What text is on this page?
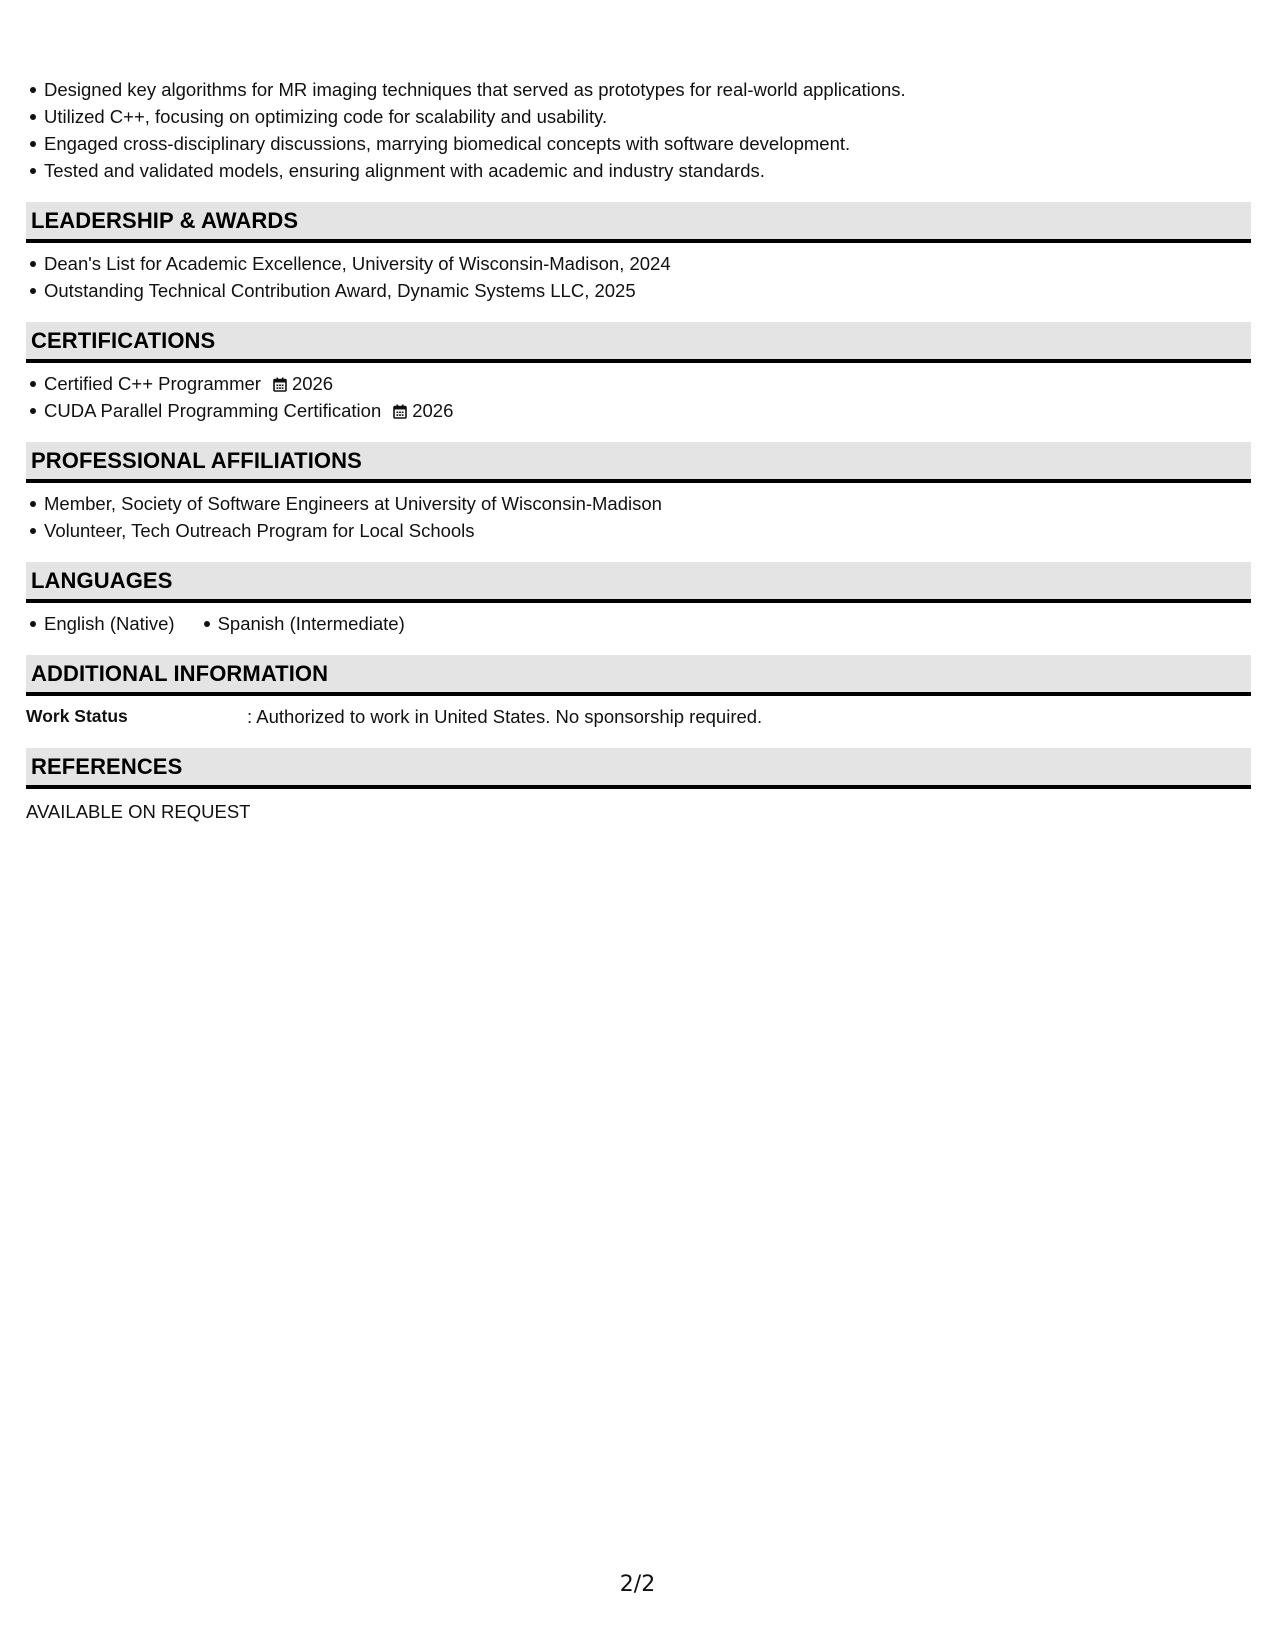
Designed key algorithms for MR imaging techniques that served as prototypes for real-world applications.
Utilized C++, focusing on optimizing code for scalability and usability.
Engaged cross-disciplinary discussions, marrying biomedical concepts with software development.
Tested and validated models, ensuring alignment with academic and industry standards.
LEADERSHIP & AWARDS
Dean's List for Academic Excellence, University of Wisconsin-Madison, 2024
Outstanding Technical Contribution Award, Dynamic Systems LLC, 2025
CERTIFICATIONS
Certified C++ Programmer 2026
CUDA Parallel Programming Certification 2026
PROFESSIONAL AFFILIATIONS
Member, Society of Software Engineers at University of Wisconsin-Madison
Volunteer, Tech Outreach Program for Local Schools
LANGUAGES
English (Native)	Spanish (Intermediate)
ADDITIONAL INFORMATION
Work Status	: Authorized to work in United States. No sponsorship required.
REFERENCES
AVAILABLE ON REQUEST
2/2
